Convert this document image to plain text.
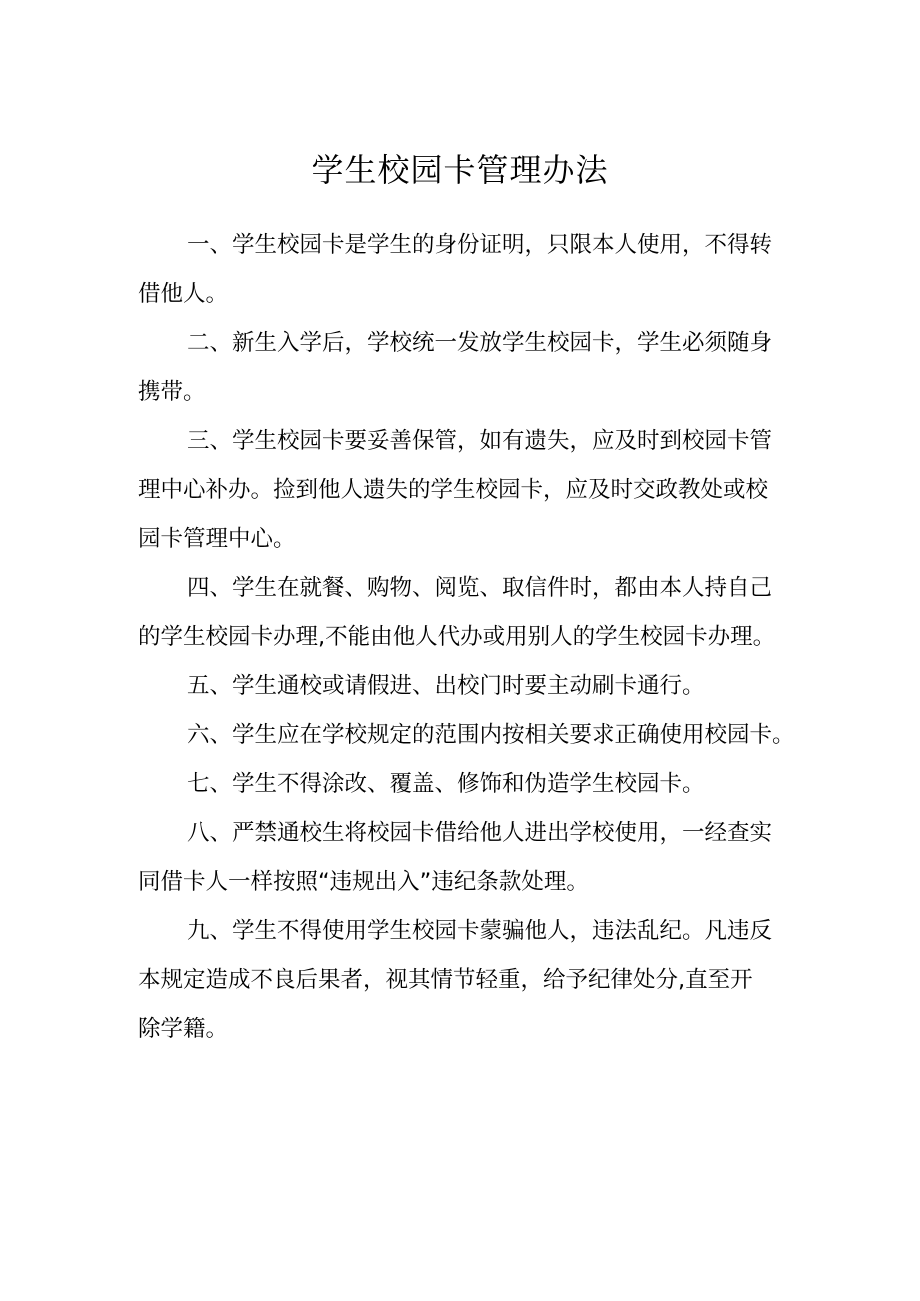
学生校园卡管理办法
一、学生校园卡是学生的身份证明，只限本人使用，不得转
借他人。
二、新生入学后，学校统一发放学生校园卡，学生必须随身
携带。
三、学生校园卡要妥善保管，如有遗失，应及时到校园卡管
理中心补办。捡到他人遗失的学生校园卡，应及时交政教处或校
园卡管理中心。
四、学生在就餐、购物、阅览、取信件时，都由本人持自己
的学生校园卡办理,不能由他人代办或用别人的学生校园卡办理。
五、学生通校或请假进、出校门时要主动刷卡通行。
六、学生应在学校规定的范围内按相关要求正确使用校园卡。
七、学生不得涂改、覆盖、修饰和伪造学生校园卡。
八、严禁通校生将校园卡借给他人进出学校使用，一经查实
同借卡人一样按照“违规出入”违纪条款处理。
九、学生不得使用学生校园卡蒙骗他人，违法乱纪。凡违反
本规定造成不良后果者，视其情节轻重，给予纪律处分,直至开
除学籍。
